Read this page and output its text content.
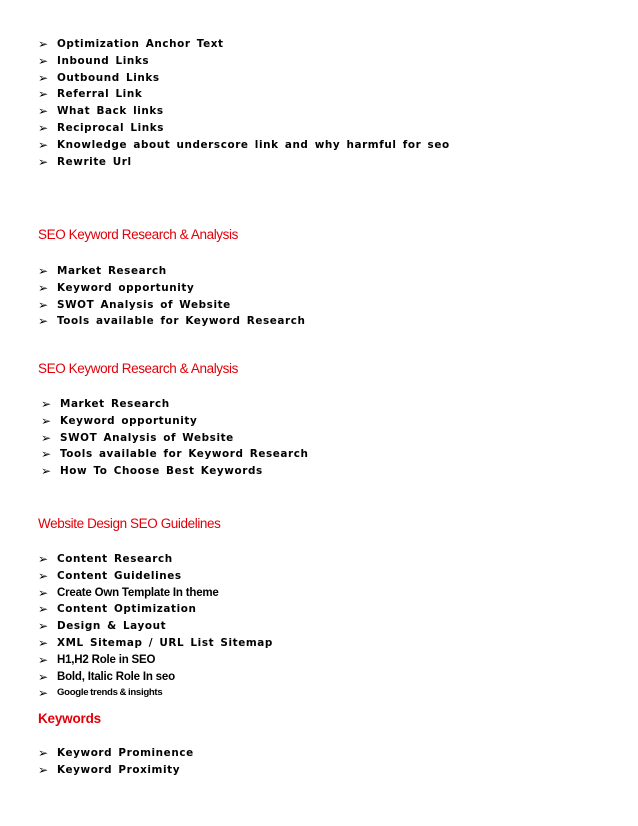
➢ Optimization Anchor Text
➢ Inbound Links
➢ Outbound Links
➢ Referral Link
➢ What Back links
➢ Reciprocal Links
➢ Knowledge about underscore link and why harmful for seo
➢ Rewrite Url
SEO Keyword Research & Analysis
➢ Market Research
➢ Keyword opportunity
➢ SWOT Analysis of Website
➢ Tools available for Keyword Research
SEO Keyword Research & Analysis
➢ Market Research
➢ Keyword opportunity
➢ SWOT Analysis of Website
➢ Tools available for Keyword Research
➢ How To Choose Best Keywords
Website Design SEO Guidelines
➢ Content Research
➢ Content Guidelines
➢ Create Own Template In theme
➢ Content Optimization
➢ Design & Layout
➢ XML Sitemap / URL List Sitemap
➢ H1,H2 Role in SEO
➢ Bold, Italic Role In seo
➢ Google trends & insights
Keywords
➢ Keyword Prominence
➢ Keyword Proximity
